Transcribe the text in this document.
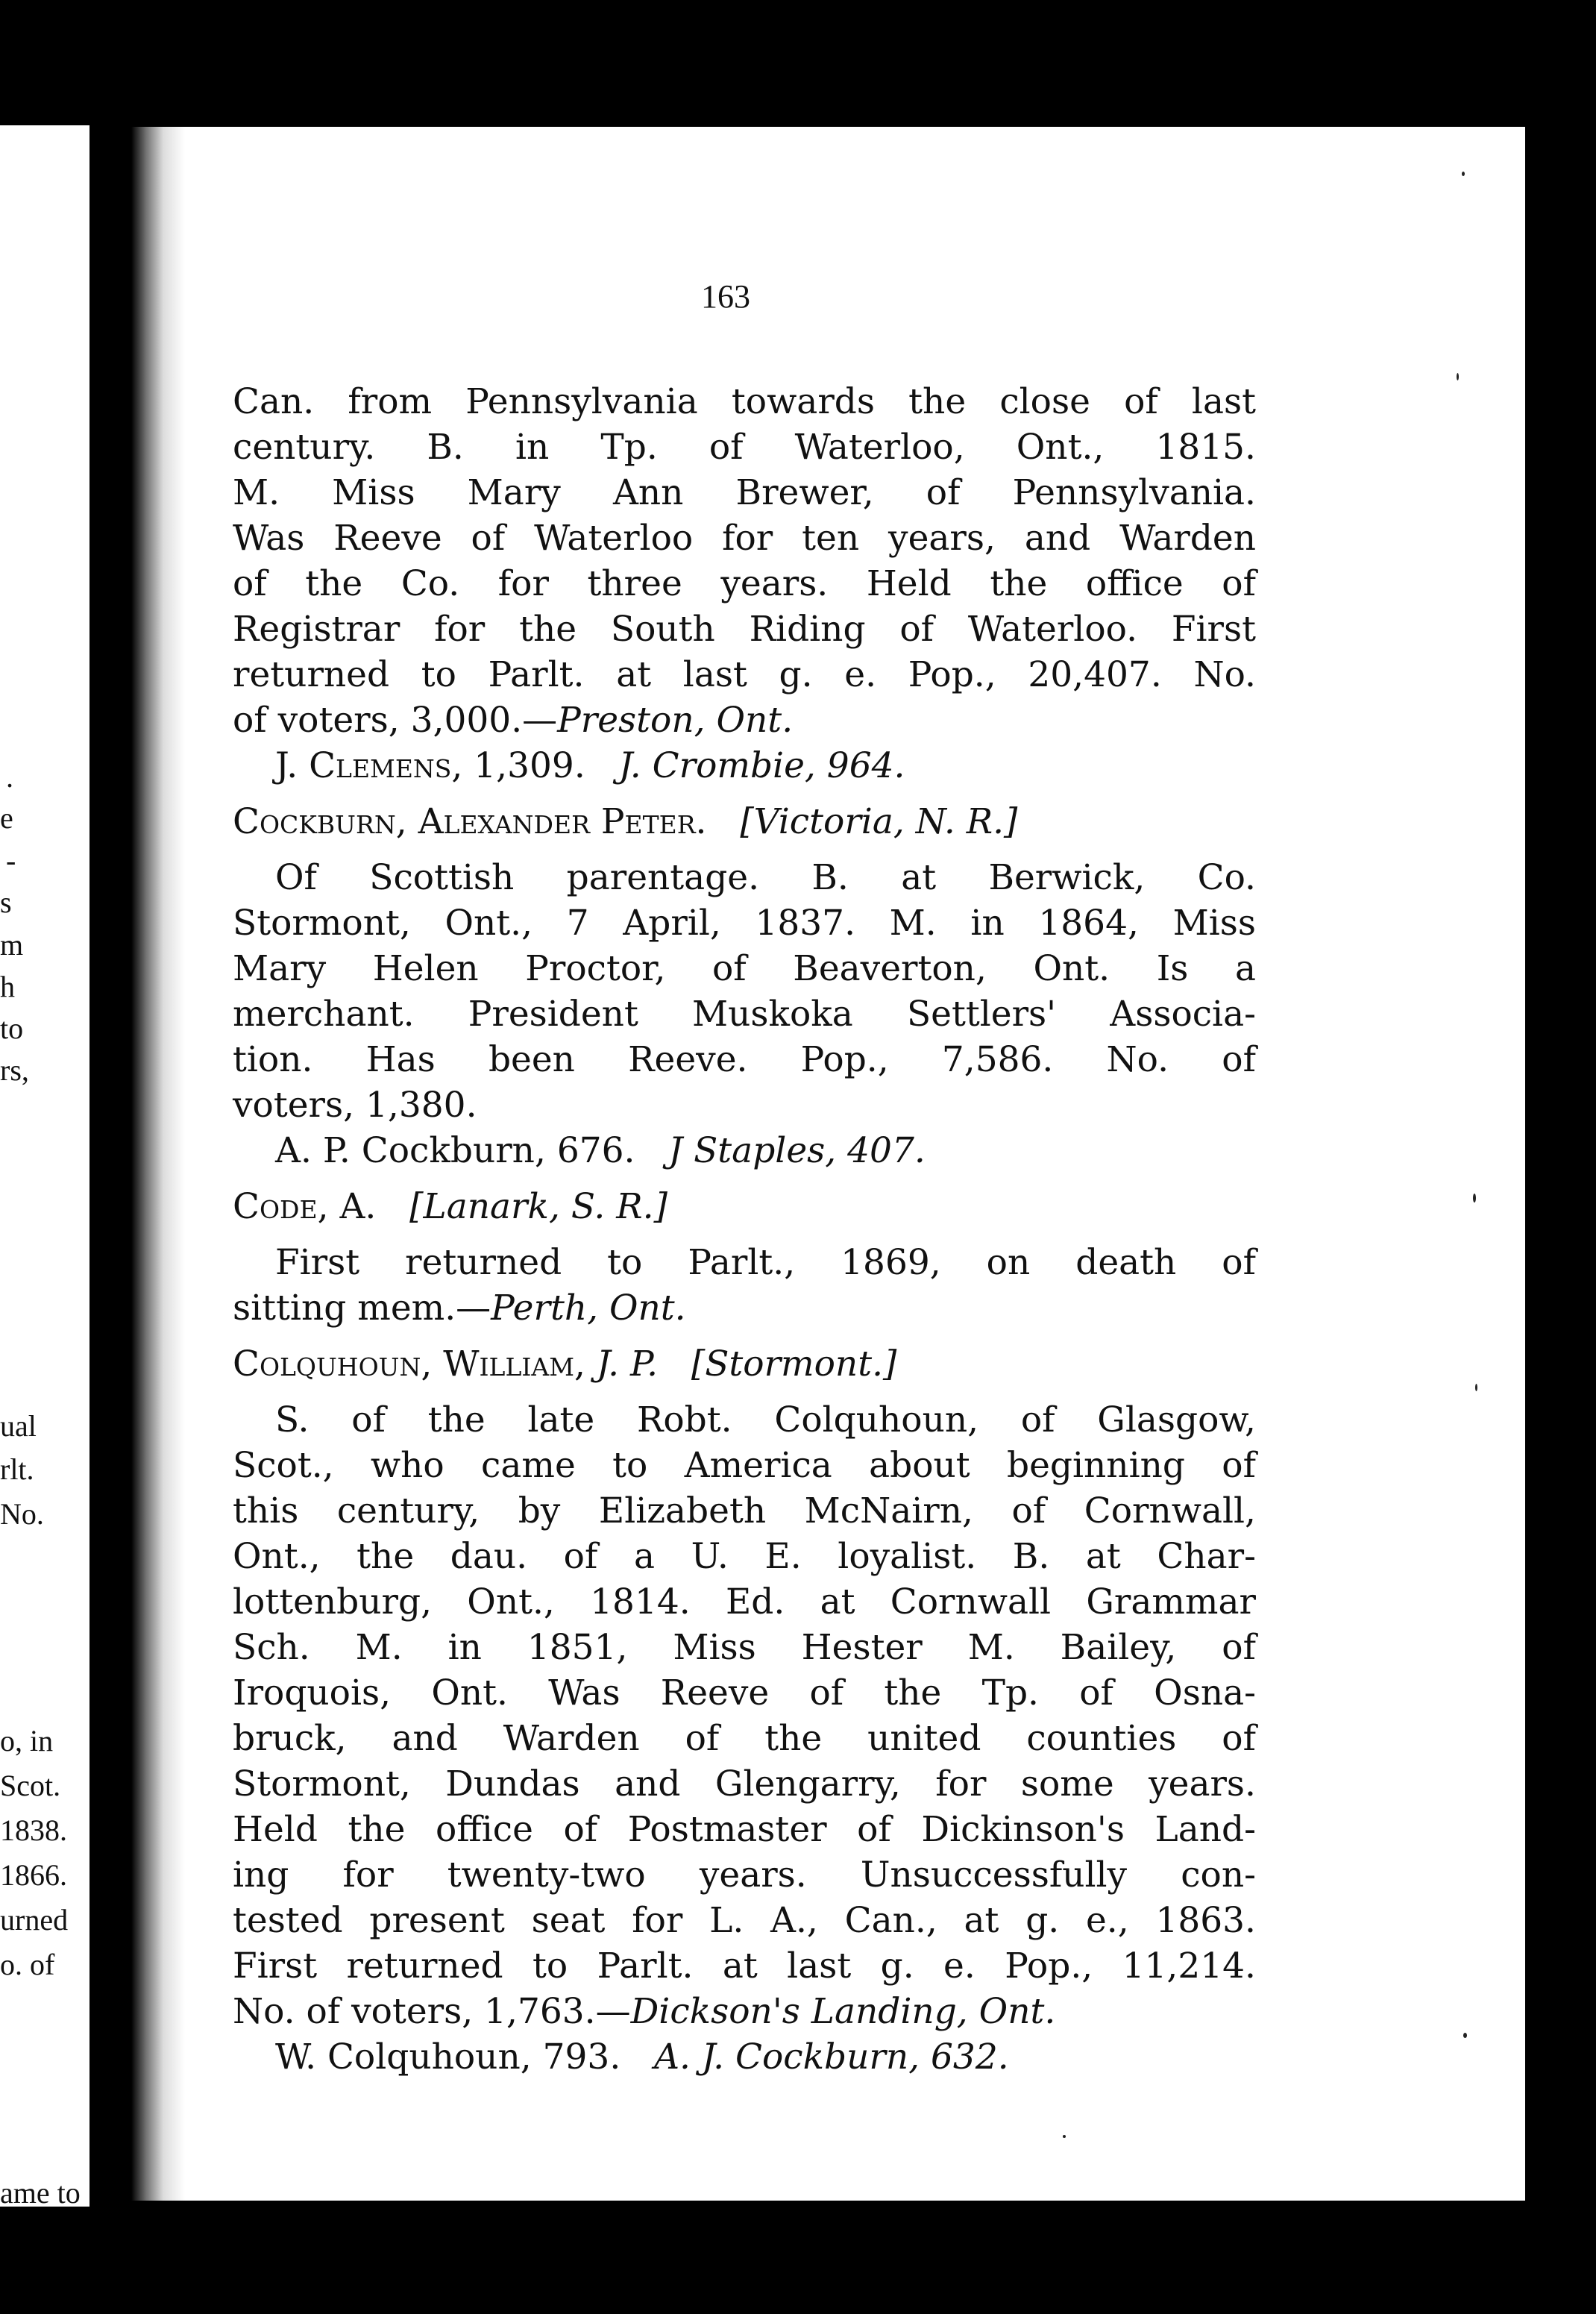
.
e
-
s
m
h
to
rs,
ual
rlt.
No.
o, in
Scot.
1838.
1866.
urned
o. of
ame to
163
Can. from Pennsylvania towards the close of last
century. B. in Tp. of Waterloo, Ont., 1815.
M. Miss Mary Ann Brewer, of Pennsylvania.
Was Reeve of Waterloo for ten years, and Warden
of the Co. for three years. Held the office of
Registrar for the South Riding of Waterloo. First
returned to Parlt. at last g. e. Pop., 20,407. No.
of voters, 3,000.—Preston, Ont.
J. Clemens, 1,309. J. Crombie, 964.
Cockburn, Alexander Peter. [Victoria, N. R.]
Of Scottish parentage. B. at Berwick, Co.
Stormont, Ont., 7 April, 1837. M. in 1864, Miss
Mary Helen Proctor, of Beaverton, Ont. Is a
merchant. President Muskoka Settlers' Associa-
tion. Has been Reeve. Pop., 7,586. No. of
voters, 1,380.
A. P. Cockburn, 676. J Staples, 407.
Code, A. [Lanark, S. R.]
First returned to Parlt., 1869, on death of
sitting mem.—Perth, Ont.
Colquhoun, William, J. P. [Stormont.]
S. of the late Robt. Colquhoun, of Glasgow,
Scot., who came to America about beginning of
this century, by Elizabeth McNairn, of Cornwall,
Ont., the dau. of a U. E. loyalist. B. at Char-
lottenburg, Ont., 1814. Ed. at Cornwall Grammar
Sch. M. in 1851, Miss Hester M. Bailey, of
Iroquois, Ont. Was Reeve of the Tp. of Osna-
bruck, and Warden of the united counties of
Stormont, Dundas and Glengarry, for some years.
Held the office of Postmaster of Dickinson's Land-
ing for twenty-two years. Unsuccessfully con-
tested present seat for L. A., Can., at g. e., 1863.
First returned to Parlt. at last g. e. Pop., 11,214.
No. of voters, 1,763.—Dickson's Landing, Ont.
W. Colquhoun, 793. A. J. Cockburn, 632.
